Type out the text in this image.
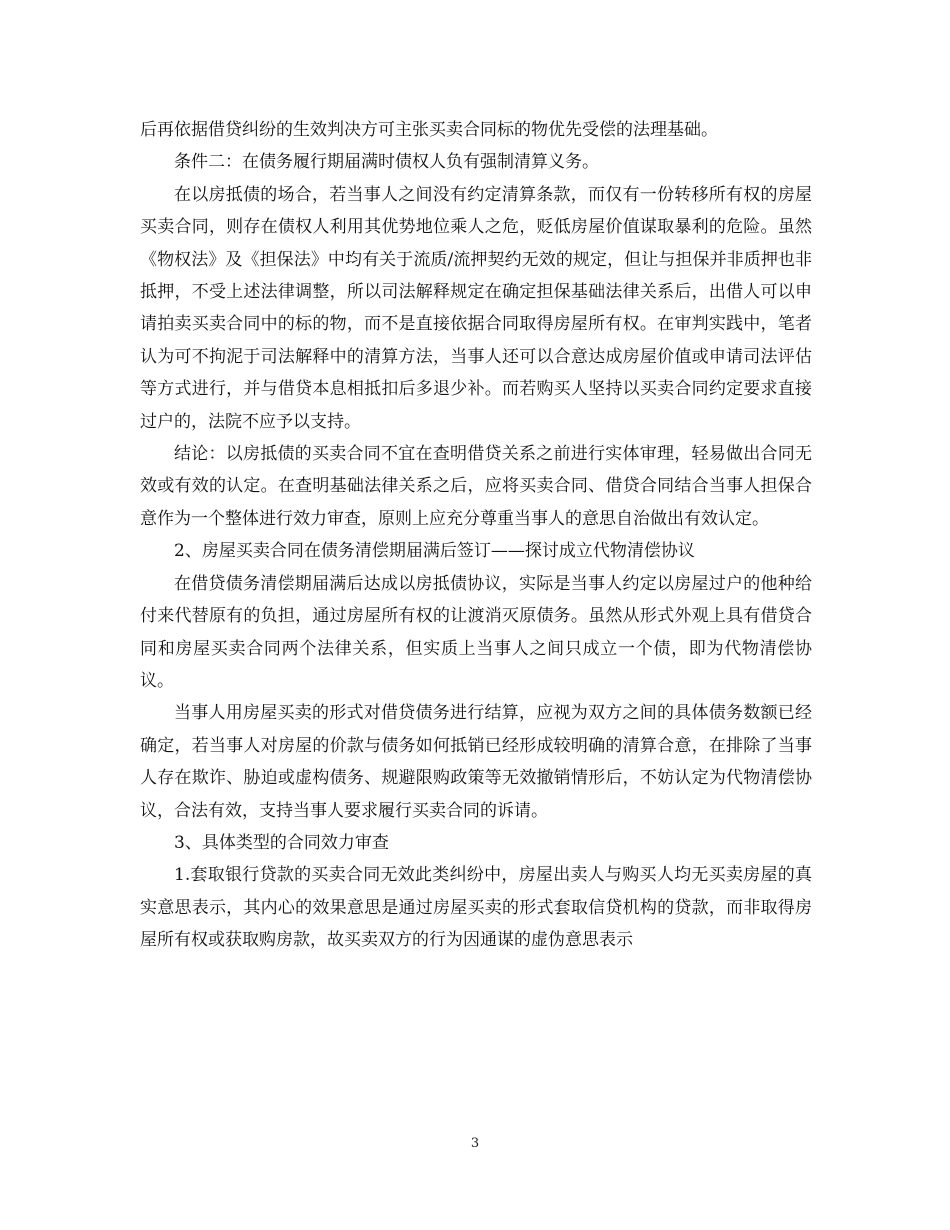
后再依据借贷纠纷的生效判决方可主张买卖合同标的物优先受偿的法理基础。

条件二：在债务履行期届满时债权人负有强制清算义务。

在以房抵债的场合，若当事人之间没有约定清算条款，而仅有一份转移所有权的房屋买卖合同，则存在债权人利用其优势地位乘人之危，贬低房屋价值谋取暴利的危险。虽然《物权法》及《担保法》中均有关于流质/流押契约无效的规定，但让与担保并非质押也非抵押，不受上述法律调整，所以司法解释规定在确定担保基础法律关系后，出借人可以申请拍卖买卖合同中的标的物，而不是直接依据合同取得房屋所有权。在审判实践中，笔者认为可不拘泥于司法解释中的清算方法，当事人还可以合意达成房屋价值或申请司法评估等方式进行，并与借贷本息相抵扣后多退少补。而若购买人坚持以买卖合同约定要求直接过户的，法院不应予以支持。

结论：以房抵债的买卖合同不宜在查明借贷关系之前进行实体审理，轻易做出合同无效或有效的认定。在查明基础法律关系之后，应将买卖合同、借贷合同结合当事人担保合意作为一个整体进行效力审查，原则上应充分尊重当事人的意思自治做出有效认定。

2、房屋买卖合同在债务清偿期届满后签订——探讨成立代物清偿协议

在借贷债务清偿期届满后达成以房抵债协议，实际是当事人约定以房屋过户的他种给付来代替原有的负担，通过房屋所有权的让渡消灭原债务。虽然从形式外观上具有借贷合同和房屋买卖合同两个法律关系，但实质上当事人之间只成立一个债，即为代物清偿协议。

当事人用房屋买卖的形式对借贷债务进行结算，应视为双方之间的具体债务数额已经确定，若当事人对房屋的价款与债务如何抵销已经形成较明确的清算合意，在排除了当事人存在欺诈、胁迫或虚构债务、规避限购政策等无效撤销情形后，不妨认定为代物清偿协议，合法有效，支持当事人要求履行买卖合同的诉请。

3、具体类型的合同效力审查

1.套取银行贷款的买卖合同无效此类纠纷中，房屋出卖人与购买人均无买卖房屋的真实意思表示，其内心的效果意思是通过房屋买卖的形式套取信贷机构的贷款，而非取得房屋所有权或获取购房款，故买卖双方的行为因通谋的虚伪意思表示

3
